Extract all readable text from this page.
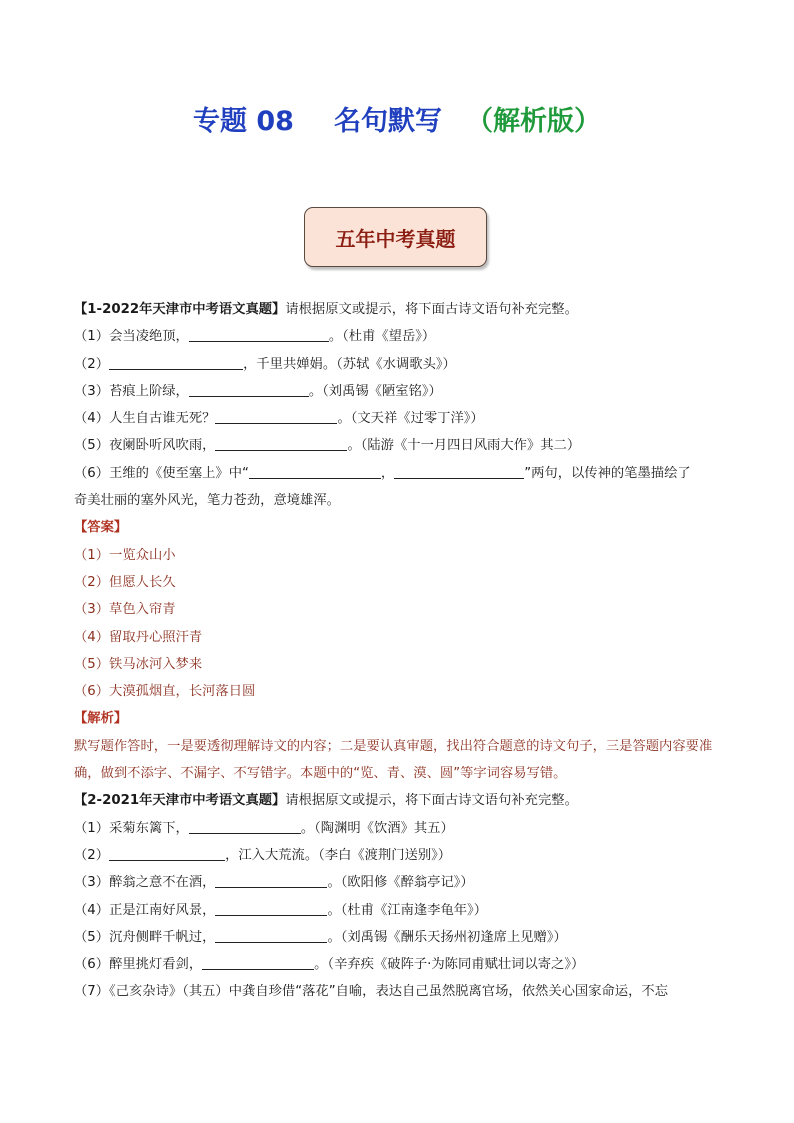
专题 08 名句默写 （解析版）
五年中考真题
【1-2022年天津市中考语文真题】请根据原文或提示，将下面古诗文语句补充完整。
（1）会当凌绝顶，	。（杜甫《望岳》）
（2）	，千里共婵娟。（苏轼《水调歌头》）
（3）苔痕上阶绿，	。（刘禹锡《陋室铭》）
（4）人生自古谁无死？	。（文天祥《过零丁洋》）
（5）夜阑卧听风吹雨，	。（陆游《十一月四日风雨大作》其二）
（6）王维的《使至塞上》中“	，	”两句，以传神的笔墨描绘了
奇美壮丽的塞外风光，笔力苍劲，意境雄浑。
【答案】
（1）一览众山小
（2）但愿人长久
（3）草色入帘青
（4）留取丹心照汗青
（5）铁马冰河入梦来
（6）大漠孤烟直，长河落日圆
【解析】
默写题作答时，一是要透彻理解诗文的内容；二是要认真审题，找出符合题意的诗文句子，三是答题内容要准确，做到不添字、不漏字、不写错字。本题中的“览、青、漠、圆”等字词容易写错。
【2-2021年天津市中考语文真题】请根据原文或提示，将下面古诗文语句补充完整。
（1）采菊东篱下，	。（陶渊明《饮酒》其五）
（2）	，江入大荒流。（李白《渡荆门送别》）
（3）醉翁之意不在酒，	。（欧阳修《醉翁亭记》）
（4）正是江南好风景，	。（杜甫《江南逢李龟年》）
（5）沉舟侧畔千帆过，	。（刘禹锡《酬乐天扬州初逢席上见赠》）
（6）醉里挑灯看剑，	。（辛弃疾《破阵子·为陈同甫赋壮词以寄之》）
（7）《己亥杂诗》（其五）中龚自珍借“落花”自喻，表达自己虽然脱离官场，依然关心国家命运，不忘
